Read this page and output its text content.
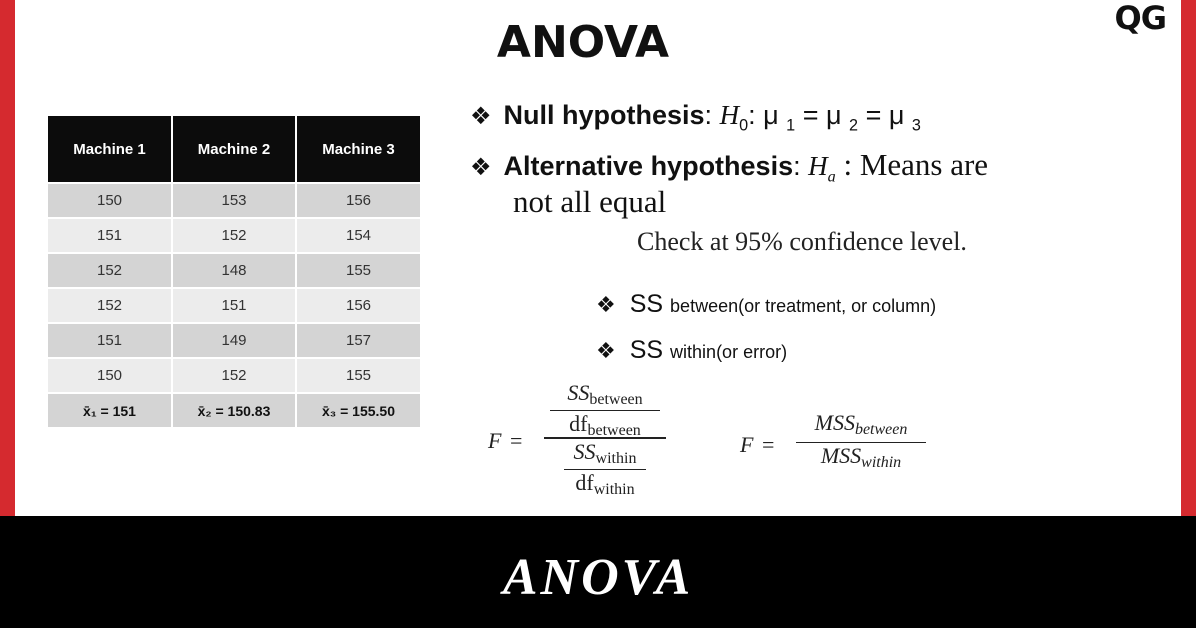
QG
ANOVA
Machine 1	Machine 2	Machine 3
150	153	156
151	152	154
152	148	155
152	151	156
151	149	157
150	152	155
x̄₁ = 151	x̄₂ = 150.83	x̄₃ = 155.50
❖ Null hypothesis: $H_0$: μ $_1$ = μ $_2$ = μ $_3$
❖ Alternative hypothesis: $H_a$ : Means are
not all equal
Check at 95% confidence level.
❖ SS between(or treatment, or column)
❖ SS within(or error)
F =
SSbetween
dfbetween
SSwithin
dfwithin
F =
MSSbetween
MSSwithin
ANOVA
